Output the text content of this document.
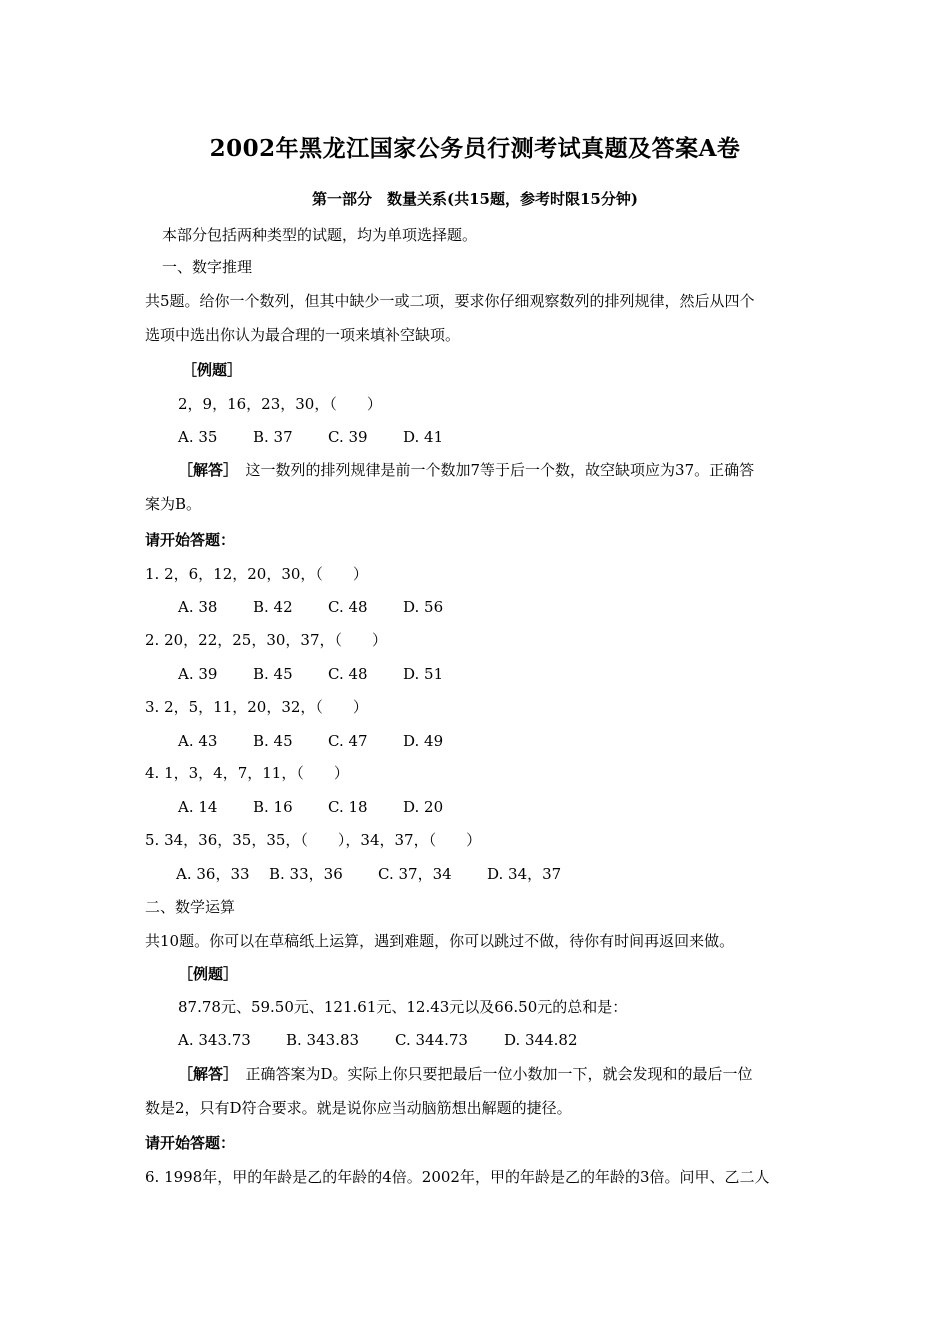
2002年黑龙江国家公务员行测考试真题及答案A卷
第一部分　数量关系(共15题，参考时限15分钟)
本部分包括两种类型的试题，均为单项选择题。
一、数字推理
共5题。给你一个数列，但其中缺少一或二项，要求你仔细观察数列的排列规律，然后从四个
选项中选出你认为最合理的一项来填补空缺项。
［例题］
2，9，16，23，30，（　　）
A. 35 B. 37 C. 39 D. 41
［解答］　这一数列的排列规律是前一个数加7等于后一个数，故空缺项应为37。正确答
案为B。
请开始答题：
1. 2，6，12，20，30，（　　）
A. 38 B. 42 C. 48 D. 56
2. 20，22，25，30，37，（　　）
A. 39 B. 45 C. 48 D. 51
3. 2，5，11，20，32，（　　）
A. 43 B. 45 C. 47 D. 49
4. 1，3，4，7，11，（　　）
A. 14 B. 16 C. 18 D. 20
5. 34，36，35，35，（　　），34，37，（　　）
A. 36，33 B. 33，36 C. 37，34 D. 34，37
二、数学运算
共10题。你可以在草稿纸上运算，遇到难题，你可以跳过不做，待你有时间再返回来做。
［例题］
87.78元、59.50元、121.61元、12.43元以及66.50元的总和是：
A. 343.73 B. 343.83 C. 344.73 D. 344.82
［解答］　正确答案为D。实际上你只要把最后一位小数加一下，就会发现和的最后一位
数是2，只有D符合要求。就是说你应当动脑筋想出解题的捷径。
请开始答题：
6. 1998年，甲的年龄是乙的年龄的4倍。2002年，甲的年龄是乙的年龄的3倍。问甲、乙二人
